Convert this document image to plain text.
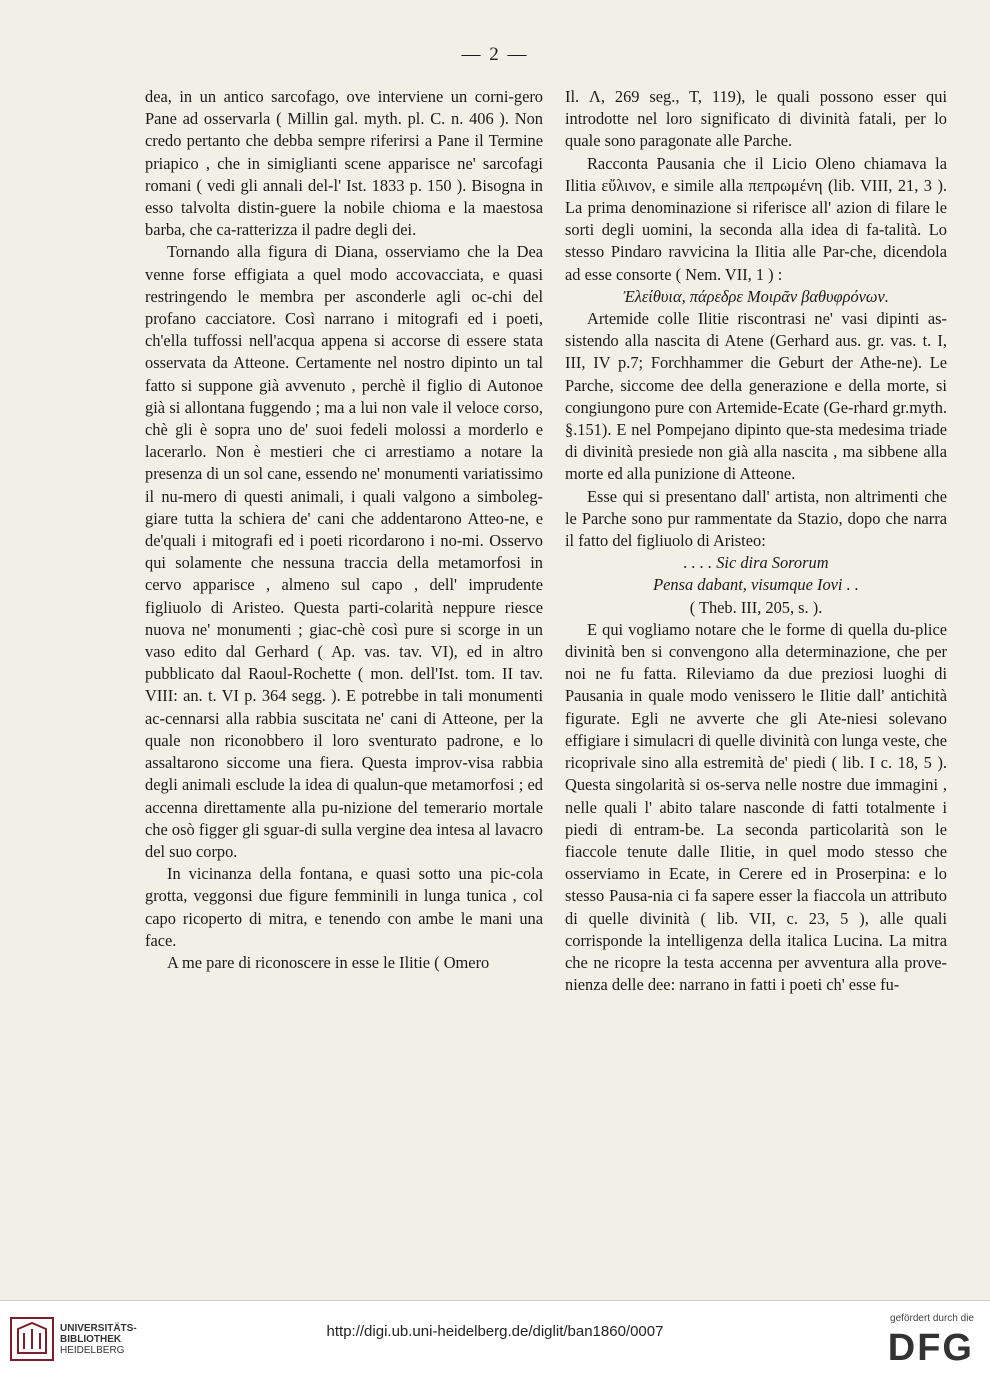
— 2 —

dea, in un antico sarcofago, ove interviene un corni-gero Pane ad osservarla ( Millin gal. myth. pl. C. n. 406 ). Non credo pertanto che debba sempre riferirsi a Pane il Termine priapico , che in simiglianti scene apparisce ne' sarcofagi romani ( vedi gli annali del-l' Ist. 1833 p. 150 ). Bisogna in esso talvolta distin-guere la nobile chioma e la maestosa barba, che ca-ratterizza il padre degli dei.

Tornando alla figura di Diana, osserviamo che la Dea venne forse effigiata a quel modo accovacciata, e quasi restringendo le membra per asconderle agli oc-chi del profano cacciatore. Così narrano i mitografi ed i poeti, ch'ella tuffossi nell'acqua appena si accorse di essere stata osservata da Atteone. Certamente nel nostro dipinto un tal fatto si suppone già avvenuto , perchè il figlio di Autonoe già si allontana fuggendo ; ma a lui non vale il veloce corso, chè gli è sopra uno de' suoi fedeli molossi a morderlo e lacerarlo. Non è mestieri che ci arrestiamo a notare la presenza di un sol cane, essendo ne' monumenti variatissimo il nu-mero di questi animali, i quali valgono a simboleg-giare tutta la schiera de' cani che addentarono Atteo-ne, e de'quali i mitografi ed i poeti ricordarono i no-mi. Osservo qui solamente che nessuna traccia della metamorfosi in cervo apparisce , almeno sul capo , dell' imprudente figliuolo di Aristeo. Questa parti-colarità neppure riesce nuova ne' monumenti ; giac-chè così pure si scorge in un vaso edito dal Gerhard ( Ap. vas. tav. VI), ed in altro pubblicato dal Raoul-Rochette ( mon. dell'Ist. tom. II tav. VIII: an. t. VI p. 364 segg. ). E potrebbe in tali monumenti ac-cennarsi alla rabbia suscitata ne' cani di Atteone, per la quale non riconobbero il loro sventurato padrone, e lo assaltarono siccome una fiera. Questa improv-visa rabbia degli animali esclude la idea di qualun-que metamorfosi ; ed accenna direttamente alla pu-nizione del temerario mortale che osò figger gli sguar-di sulla vergine dea intesa al lavacro del suo corpo.

In vicinanza della fontana, e quasi sotto una pic-cola grotta, veggonsi due figure femminili in lunga tunica , col capo ricoperto di mitra, e tenendo con ambe le mani una face.

A me pare di riconoscere in esse le Ilitie ( Omero

Il. Λ, 269 seg., T, 119), le quali possono esser qui introdotte nel loro significato di divinità fatali, per lo quale sono paragonate alle Parche.

Racconta Pausania che il Licio Oleno chiamava la Ilitia εὔλινον, e simile alla πεπρωμένη (lib. VIII, 21, 3 ). La prima denominazione si riferisce all' azion di filare le sorti degli uomini, la seconda alla idea di fa-talità. Lo stesso Pindaro ravvicina la Ilitia alle Par-che, dicendola ad esse consorte ( Nem. VII, 1 ) :

Ἐλείθυια, πάρεδρε Μοιρᾶν βαθυφρόνων.

Artemide colle Ilitie riscontrasi ne' vasi dipinti as-sistendo alla nascita di Atene (Gerhard aus. gr. vas. t. I, III, IV p.7; Forchhammer die Geburt der Athe-ne). Le Parche, siccome dee della generazione e della morte, si congiungono pure con Artemide-Ecate (Ge-rhard gr.myth. §.151). E nel Pompejano dipinto que-sta medesima triade di divinità presiede non già alla nascita , ma sibbene alla morte ed alla punizione di Atteone.

Esse qui si presentano dall' artista, non altrimenti che le Parche sono pur rammentate da Stazio, dopo che narra il fatto del figliuolo di Aristeo:

. . . . Sic dira Sororum

Pensa dabant, visumque Iovi . .

( Theb. III, 205, s. ).

E qui vogliamo notare che le forme di quella du-plice divinità ben si convengono alla determinazione, che per noi ne fu fatta. Rileviamo da due preziosi luoghi di Pausania in quale modo venissero le Ilitie dall' antichità figurate. Egli ne avverte che gli Ate-niesi solevano effigiare i simulacri di quelle divinità con lunga veste, che ricoprivale sino alla estremità de' piedi ( lib. I c. 18, 5 ). Questa singolarità si os-serva nelle nostre due immagini , nelle quali l' abito talare nasconde di fatti totalmente i piedi di entram-be. La seconda particolarità son le fiaccole tenute dalle Ilitie, in quel modo stesso che osserviamo in Ecate, in Cerere ed in Proserpina: e lo stesso Pausa-nia ci fa sapere esser la fiaccola un attributo di quelle divinità ( lib. VII, c. 23, 5 ), alle quali corrisponde la intelligenza della italica Lucina. La mitra che ne ricopre la testa accenna per avventura alla prove-nienza delle dee: narrano in fatti i poeti ch' esse fu-

UNIVERSITÄTS-
BIBLIOTHEK
HEIDELBERG
http://digi.ub.uni-heidelberg.de/diglit/ban1860/0007
gefördert durch die
DFG
